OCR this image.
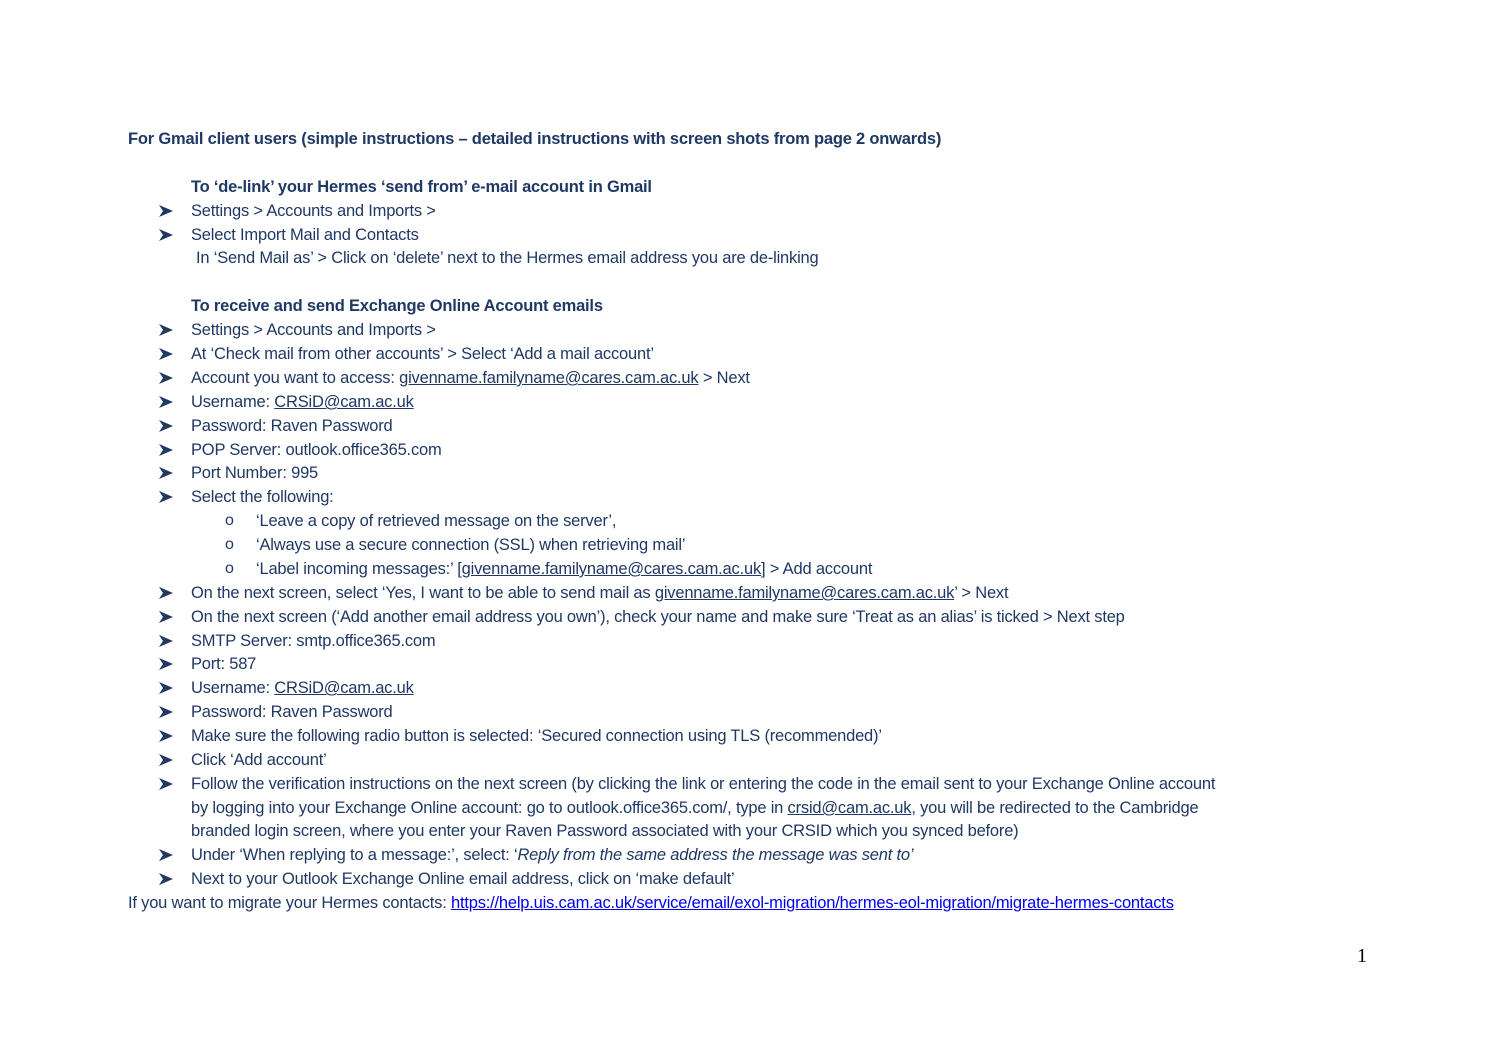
For Gmail client users (simple instructions – detailed instructions with screen shots from page 2 onwards)
To ‘de-link’ your Hermes ‘send from’ e-mail account in Gmail
Settings > Accounts and Imports >
Select Import Mail and Contacts
In ‘Send Mail as’ > Click on ‘delete’ next to the Hermes email address you are de-linking
To receive and send Exchange Online Account emails
Settings > Accounts and Imports >
At ‘Check mail from other accounts’ > Select ‘Add a mail account’
Account you want to access: givenname.familyname@cares.cam.ac.uk > Next
Username: CRSiD@cam.ac.uk
Password: Raven Password
POP Server: outlook.office365.com
Port Number: 995
Select the following:
o ‘Leave a copy of retrieved message on the server’,
o ‘Always use a secure connection (SSL) when retrieving mail’
o ‘Label incoming messages:’ [givenname.familyname@cares.cam.ac.uk] > Add account
On the next screen, select ‘Yes, I want to be able to send mail as givenname.familyname@cares.cam.ac.uk’ > Next
On the next screen (‘Add another email address you own’), check your name and make sure ‘Treat as an alias’ is ticked > Next step
SMTP Server: smtp.office365.com
Port: 587
Username: CRSiD@cam.ac.uk
Password: Raven Password
Make sure the following radio button is selected: ‘Secured connection using TLS (recommended)’
Click ‘Add account’
Follow the verification instructions on the next screen (by clicking the link or entering the code in the email sent to your Exchange Online account
by logging into your Exchange Online account: go to outlook.office365.com/, type in crsid@cam.ac.uk, you will be redirected to the Cambridge
branded login screen, where you enter your Raven Password associated with your CRSID which you synced before)
Under ‘When replying to a message:’, select: ‘Reply from the same address the message was sent to’
Next to your Outlook Exchange Online email address, click on ‘make default’
If you want to migrate your Hermes contacts: https://help.uis.cam.ac.uk/service/email/exol-migration/hermes-eol-migration/migrate-hermes-contacts
1
